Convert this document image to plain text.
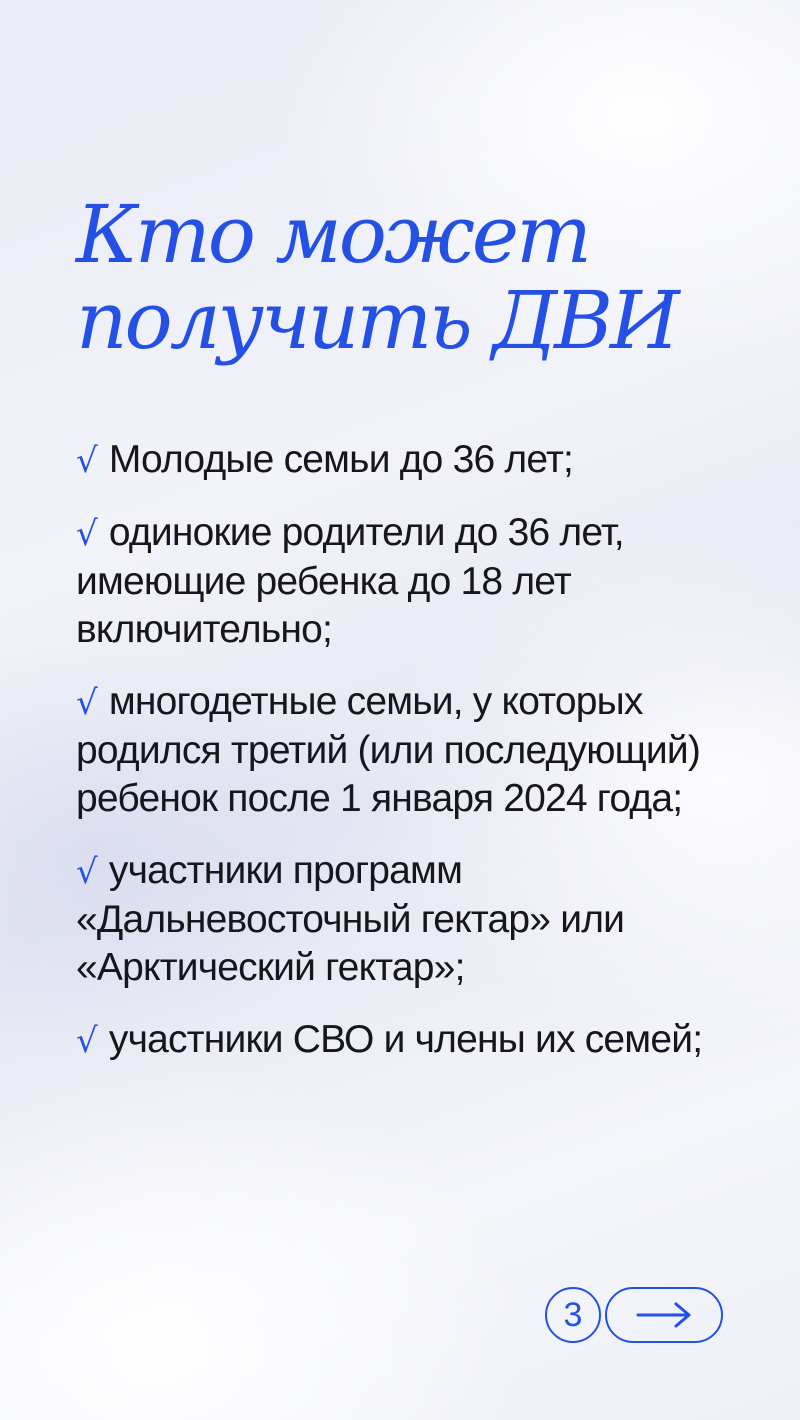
Кто может
получить ДВИ
√ Молодые семьи до 36 лет;
√ одинокие родители до 36 лет, имеющие ребенка до 18 лет включительно;
√ многодетные семьи, у которых родился третий (или последующий) ребенок после 1 января 2024 года;
√ участники программ «Дальневосточный гектар» или «Арктический гектар»;
√ участники СВО и члены их семей;
3
